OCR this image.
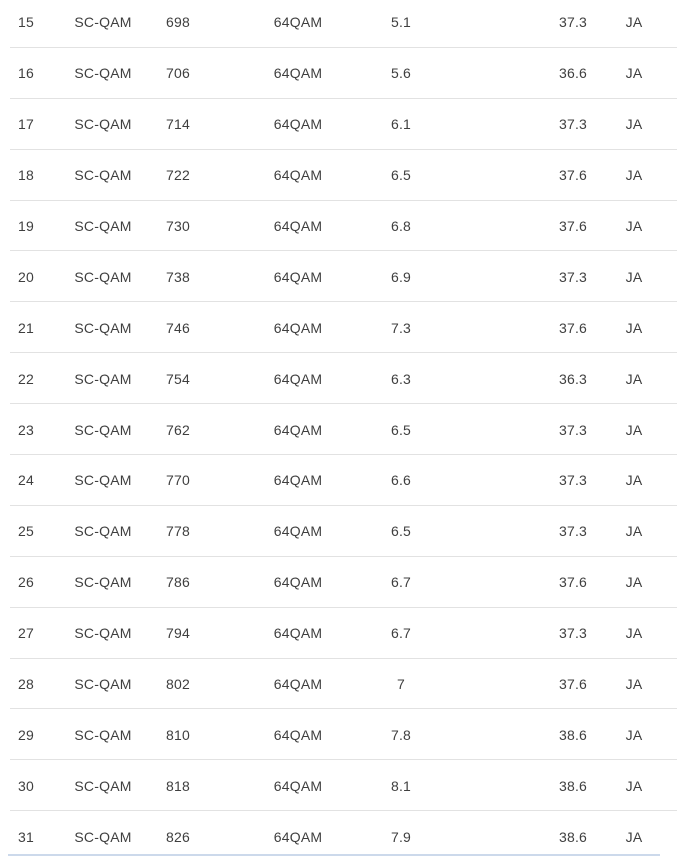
15	SC-QAM 698	64QAM	5.1	37.3	JA
16	SC-QAM 706	64QAM	5.6	36.6	JA
17	SC-QAM 714	64QAM	6.1	37.3	JA
18	SC-QAM 722	64QAM	6.5	37.6	JA
19	SC-QAM 730	64QAM	6.8	37.6	JA
20	SC-QAM 738	64QAM	6.9	37.3	JA
21	SC-QAM 746	64QAM	7.3	37.6	JA
22	SC-QAM 754	64QAM	6.3	36.3	JA
23	SC-QAM 762	64QAM	6.5	37.3	JA
24	SC-QAM 770	64QAM	6.6	37.3	JA
25	SC-QAM 778	64QAM	6.5	37.3	JA
26	SC-QAM 786	64QAM	6.7	37.6	JA
27	SC-QAM 794	64QAM	6.7	37.3	JA
28	SC-QAM 802	64QAM	7	37.6	JA
29	SC-QAM 810	64QAM	7.8	38.6	JA
30	SC-QAM 818	64QAM	8.1	38.6	JA
31	SC-QAM 826	64QAM	7.9	38.6	JA
